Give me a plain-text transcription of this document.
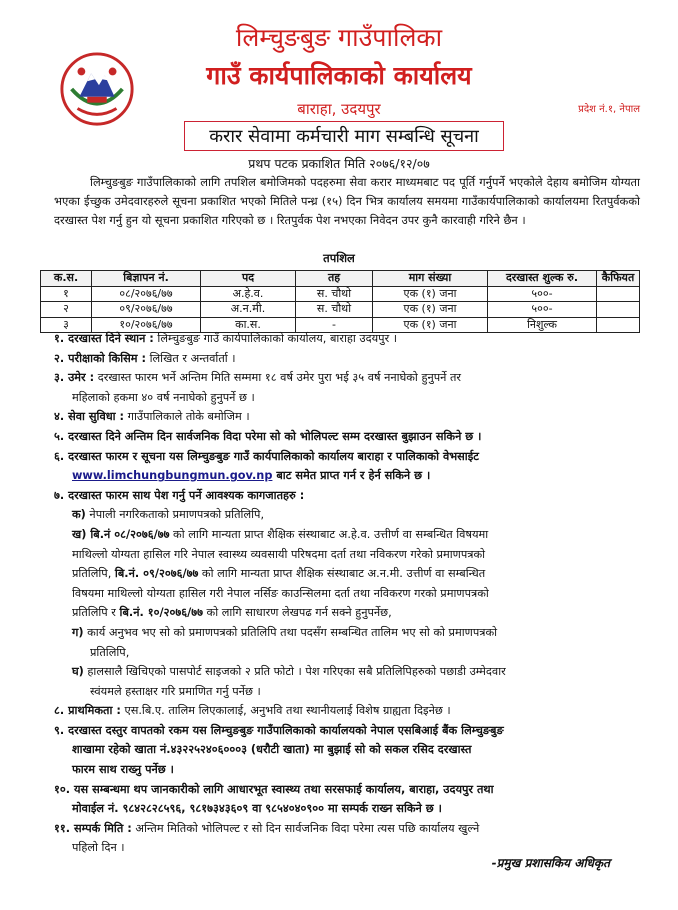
लिम्चुङबुङ गाउँपालिका
गाउँ कार्यपालिकाको कार्यालय
बाराहा, उदयपुर	प्रदेश नं.१, नेपाल
करार सेवामा कर्मचारी माग सम्बन्धि सूचना
प्रथप पटक प्रकाशित मिति २०७६/१२/०७

लिम्चुङबुङ गाउँपालिकाको लागि तपशिल बमोजिमको पदहरुमा सेवा करार माध्यमबाट पद पूर्ति गर्नुपर्ने भएकोले देहाय बमोजिम योग्यता भएका ईच्छुक उमेदवारहरुले सूचना प्रकाशित भएको मितिले पन्ध्र (१५) दिन भित्र कार्यालय समयमा गाउँकार्यपालिकाको कार्यालयमा रितपुर्वकको दरखास्त पेश गर्नु हुन यो सूचना प्रकाशित गरिएको छ । रितपुर्वक पेश नभएका निवेदन उपर कुनै कारवाही गरिने छैन ।

तपशिल
क.स.	बिज्ञापन नं.	पद	तह	माग संख्या	दरखास्त शुल्क रु.	कैफियत
१	०८/२०७६/७७	अ.हे.व.	स. चौथो	एक (१) जना	५००-	
२	०९/२०७६/७७	अ.न.मी.	स. चौथो	एक (१) जना	५००-	
३	१०/२०७६/७७	का.स.	-	एक (१) जना	निशुल्क	
१. दरखास्त दिने स्थान : लिम्चुङबुङ गाउँ कार्यपालिकाको कार्यालय, बाराहा उदयपुर ।
२. परीक्षाको किसिम : लिखित र अन्तर्वार्ता ।
३. उमेर : दरखास्त फारम भर्ने अन्तिम मिति सम्ममा १८ वर्ष उमेर पुरा भई ३५ वर्ष ननाघेको हुनुपर्ने तर
महिलाको हकमा ४० वर्ष ननाघेको हुनुपर्ने छ ।
४. सेवा सुविधा : गाउँपालिकाले तोके बमोजिम ।
५. दरखास्त दिने अन्तिम दिन सार्वजनिक विदा परेमा सो को भोलिपल्ट सम्म दरखास्त बुझाउन सकिने छ ।
६. दरखास्त फारम र सूचना यस लिम्चुङबुङ गाउँ कार्यपालिकाको कार्यालय बाराहा र पालिकाको वेभसाईट
www.limchungbungmun.gov.np बाट समेत प्राप्त गर्न र हेर्न सकिने छ ।
७. दरखास्त फारम साथ पेश गर्नु पर्ने आवश्यक कागजातहरु :
क) नेपाली नगरिकताको प्रमाणपत्रको प्रतिलिपि,
ख) बि.नं ०८/२०७६/७७ को लागि मान्यता प्राप्त शैक्षिक संस्थाबाट अ.हे.व. उत्तीर्ण वा सम्बन्धित विषयमा
माथिल्लो योग्यता हासिल गरि नेपाल स्वास्थ्य व्यवसायी परिषदमा दर्ता तथा नविकरण गरेको प्रमाणपत्रको
प्रतिलिपि, बि.नं. ०९/२०७६/७७ को लागि मान्यता प्राप्त शैक्षिक संस्थाबाट अ.न.मी. उत्तीर्ण वा सम्बन्धित
विषयमा माथिल्लो योग्यता हासिल गरी नेपाल नर्सिङ काउन्सिलमा दर्ता तथा नविकरण गरको प्रमाणपत्रको
प्रतिलिपि र बि.नं. १०/२०७६/७७ को लागि साधारण लेखपढ गर्न सक्ने हुनुपर्नेछ,
ग) कार्य अनुभव भए सो को प्रमाणपत्रको प्रतिलिपि तथा पदसँग सम्बन्धित तालिम भए सो को प्रमाणपत्रको
प्रतिलिपि,
घ) हालसालै खिचिएको पासपोर्ट साइजको २ प्रति फोटो । पेश गरिएका सबै प्रतिलिपिहरुको पछाडी उम्मेदवार
स्वंयमले हस्ताक्षर गरि प्रमाणित गर्नु पर्नेछ ।
८. प्राथमिकता : एस.बि.ए. तालिम लिएकालाई, अनुभवि तथा स्थानीयलाई विशेष ग्राह्यता दिइनेछ ।
९. दरखास्त दस्तुर वापतको रकम यस लिम्चुङबुङ गाउँपालिकाको कार्यालयको नेपाल एसबिआई बैंक लिम्चुङबुङ
शाखामा रहेको खाता नं.४३२२५२४०६०००३ (धरौटी खाता) मा बुझाई सो को सकल रसिद दरखास्त
फारम साथ राख्नु पर्नेछ ।
१०. यस सम्बन्धमा थप जानकारीको लागि आधारभूत स्वास्थ्य तथा सरसफाई कार्यालय, बाराहा, उदयपुर तथा
मोवाईल नं. ९८४२८२८५९६, ९८१७३४३६०९ वा ९८५४०४०९०० मा सम्पर्क राख्न सकिने छ ।
११. सम्पर्क मिति : अन्तिम मितिको भोलिपल्ट र सो दिन सार्वजनिक विदा परेमा त्यस पछि कार्यालय खुल्ने
पहिलो दिन ।
-प्रमुख प्रशासकिय अधिकृत
